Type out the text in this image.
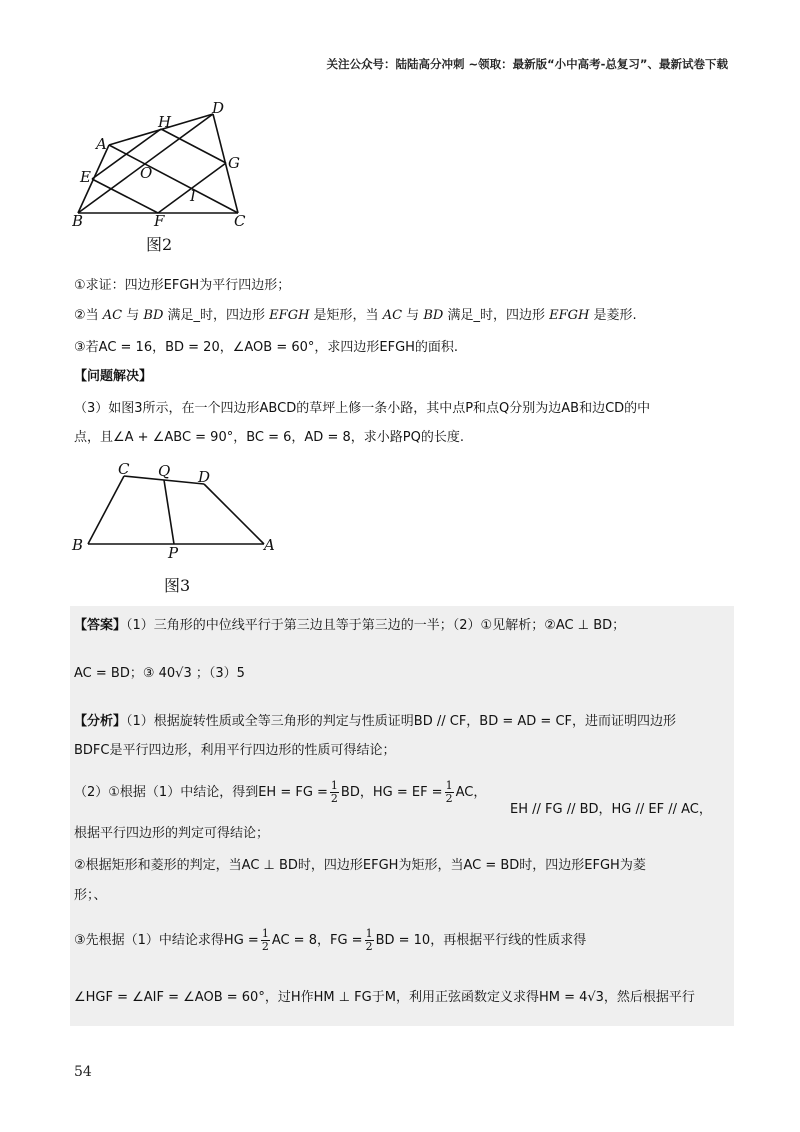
关注公众号：陆陆高分冲刺 ~领取：最新版“小中高考-总复习”、最新试卷下载
A
D
H
G
E	O
I
B	F	C
图2
①求证：四边形EFGH为平行四边形；
②当 AC 与 BD 满足_时，四边形 EFGH 是矩形，当 AC 与 BD 满足_时，四边形 EFGH 是菱形.
③若AC = 16，BD = 20，∠AOB = 60°，求四边形EFGH的面积.
【问题解决】
（3）如图3所示，在一个四边形ABCD的草坪上修一条小路，其中点P和点Q分别为边AB和边CD的中
点，且∠A + ∠ABC = 90°，BC = 6，AD = 8，求小路PQ的长度.
C Q D
B	P	A
图3
【答案】（1）三角形的中位线平行于第三边且等于第三边的一半；（2）①见解析；②AC ⊥ BD；
AC = BD；③ 40√3 ；（3）5
【分析】（1）根据旋转性质或全等三角形的判定与性质证明BD // CF，BD = AD = CF，进而证明四边形
BDFC是平行四边形，利用平行四边形的性质可得结论；
（2）①根据（1）中结论，得到EH = FG = $\frac{1}{2}$ BD，HG = EF = $\frac{1}{2}$ AC，
EH // FG // BD，HG // EF // AC，
根据平行四边形的判定可得结论；
②根据矩形和菱形的判定，当AC ⊥ BD时，四边形EFGH为矩形，当AC = BD时，四边形EFGH为菱
形；、
③先根据（1）中结论求得HG = $\frac{1}{2}$ AC = 8，FG = $\frac{1}{2}$ BD = 10，再根据平行线的性质求得
∠HGF = ∠AIF = ∠AOB = 60°，过H作HM ⊥ FG于M，利用正弦函数定义求得HM = 4√3，然后根据平行
54
